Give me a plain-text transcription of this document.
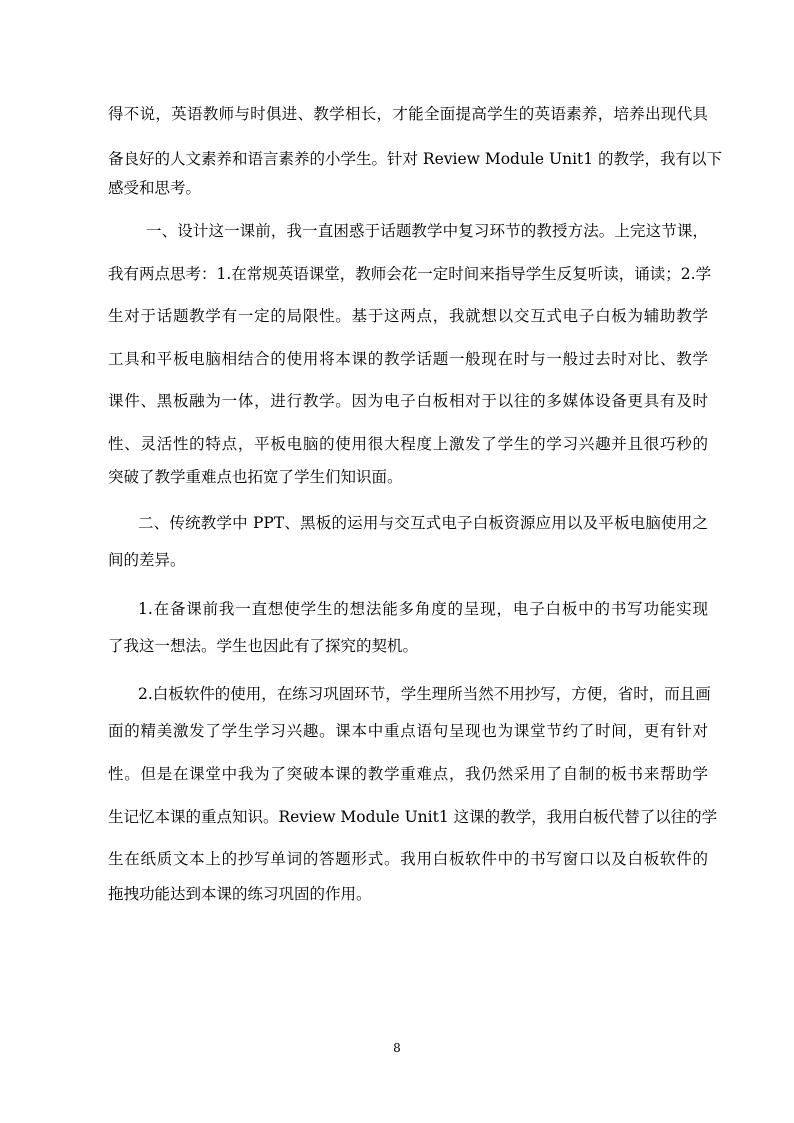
得不说，英语教师与时俱进、教学相长，才能全面提高学生的英语素养，培养出现代具
备良好的人文素养和语言素养的小学生。针对 Review Module Unit1 的教学，我有以下
感受和思考。
一、设计这一课前，我一直困惑于话题教学中复习环节的教授方法。上完这节课，
我有两点思考：1.在常规英语课堂，教师会花一定时间来指导学生反复听读，诵读；2.学
生对于话题教学有一定的局限性。基于这两点，我就想以交互式电子白板为辅助教学
工具和平板电脑相结合的使用将本课的教学话题一般现在时与一般过去时对比、教学
课件、黑板融为一体，进行教学。因为电子白板相对于以往的多媒体设备更具有及时
性、灵活性的特点，平板电脑的使用很大程度上激发了学生的学习兴趣并且很巧秒的
突破了教学重难点也拓宽了学生们知识面。
二、传统教学中 PPT、黑板的运用与交互式电子白板资源应用以及平板电脑使用之
间的差异。
1.在备课前我一直想使学生的想法能多角度的呈现，电子白板中的书写功能实现
了我这一想法。学生也因此有了探究的契机。
2.白板软件的使用，在练习巩固环节，学生理所当然不用抄写，方便，省时，而且画
面的精美激发了学生学习兴趣。课本中重点语句呈现也为课堂节约了时间，更有针对
性。但是在课堂中我为了突破本课的教学重难点，我仍然采用了自制的板书来帮助学
生记忆本课的重点知识。Review Module Unit1 这课的教学，我用白板代替了以往的学
生在纸质文本上的抄写单词的答题形式。我用白板软件中的书写窗口以及白板软件的
拖拽功能达到本课的练习巩固的作用。
8
